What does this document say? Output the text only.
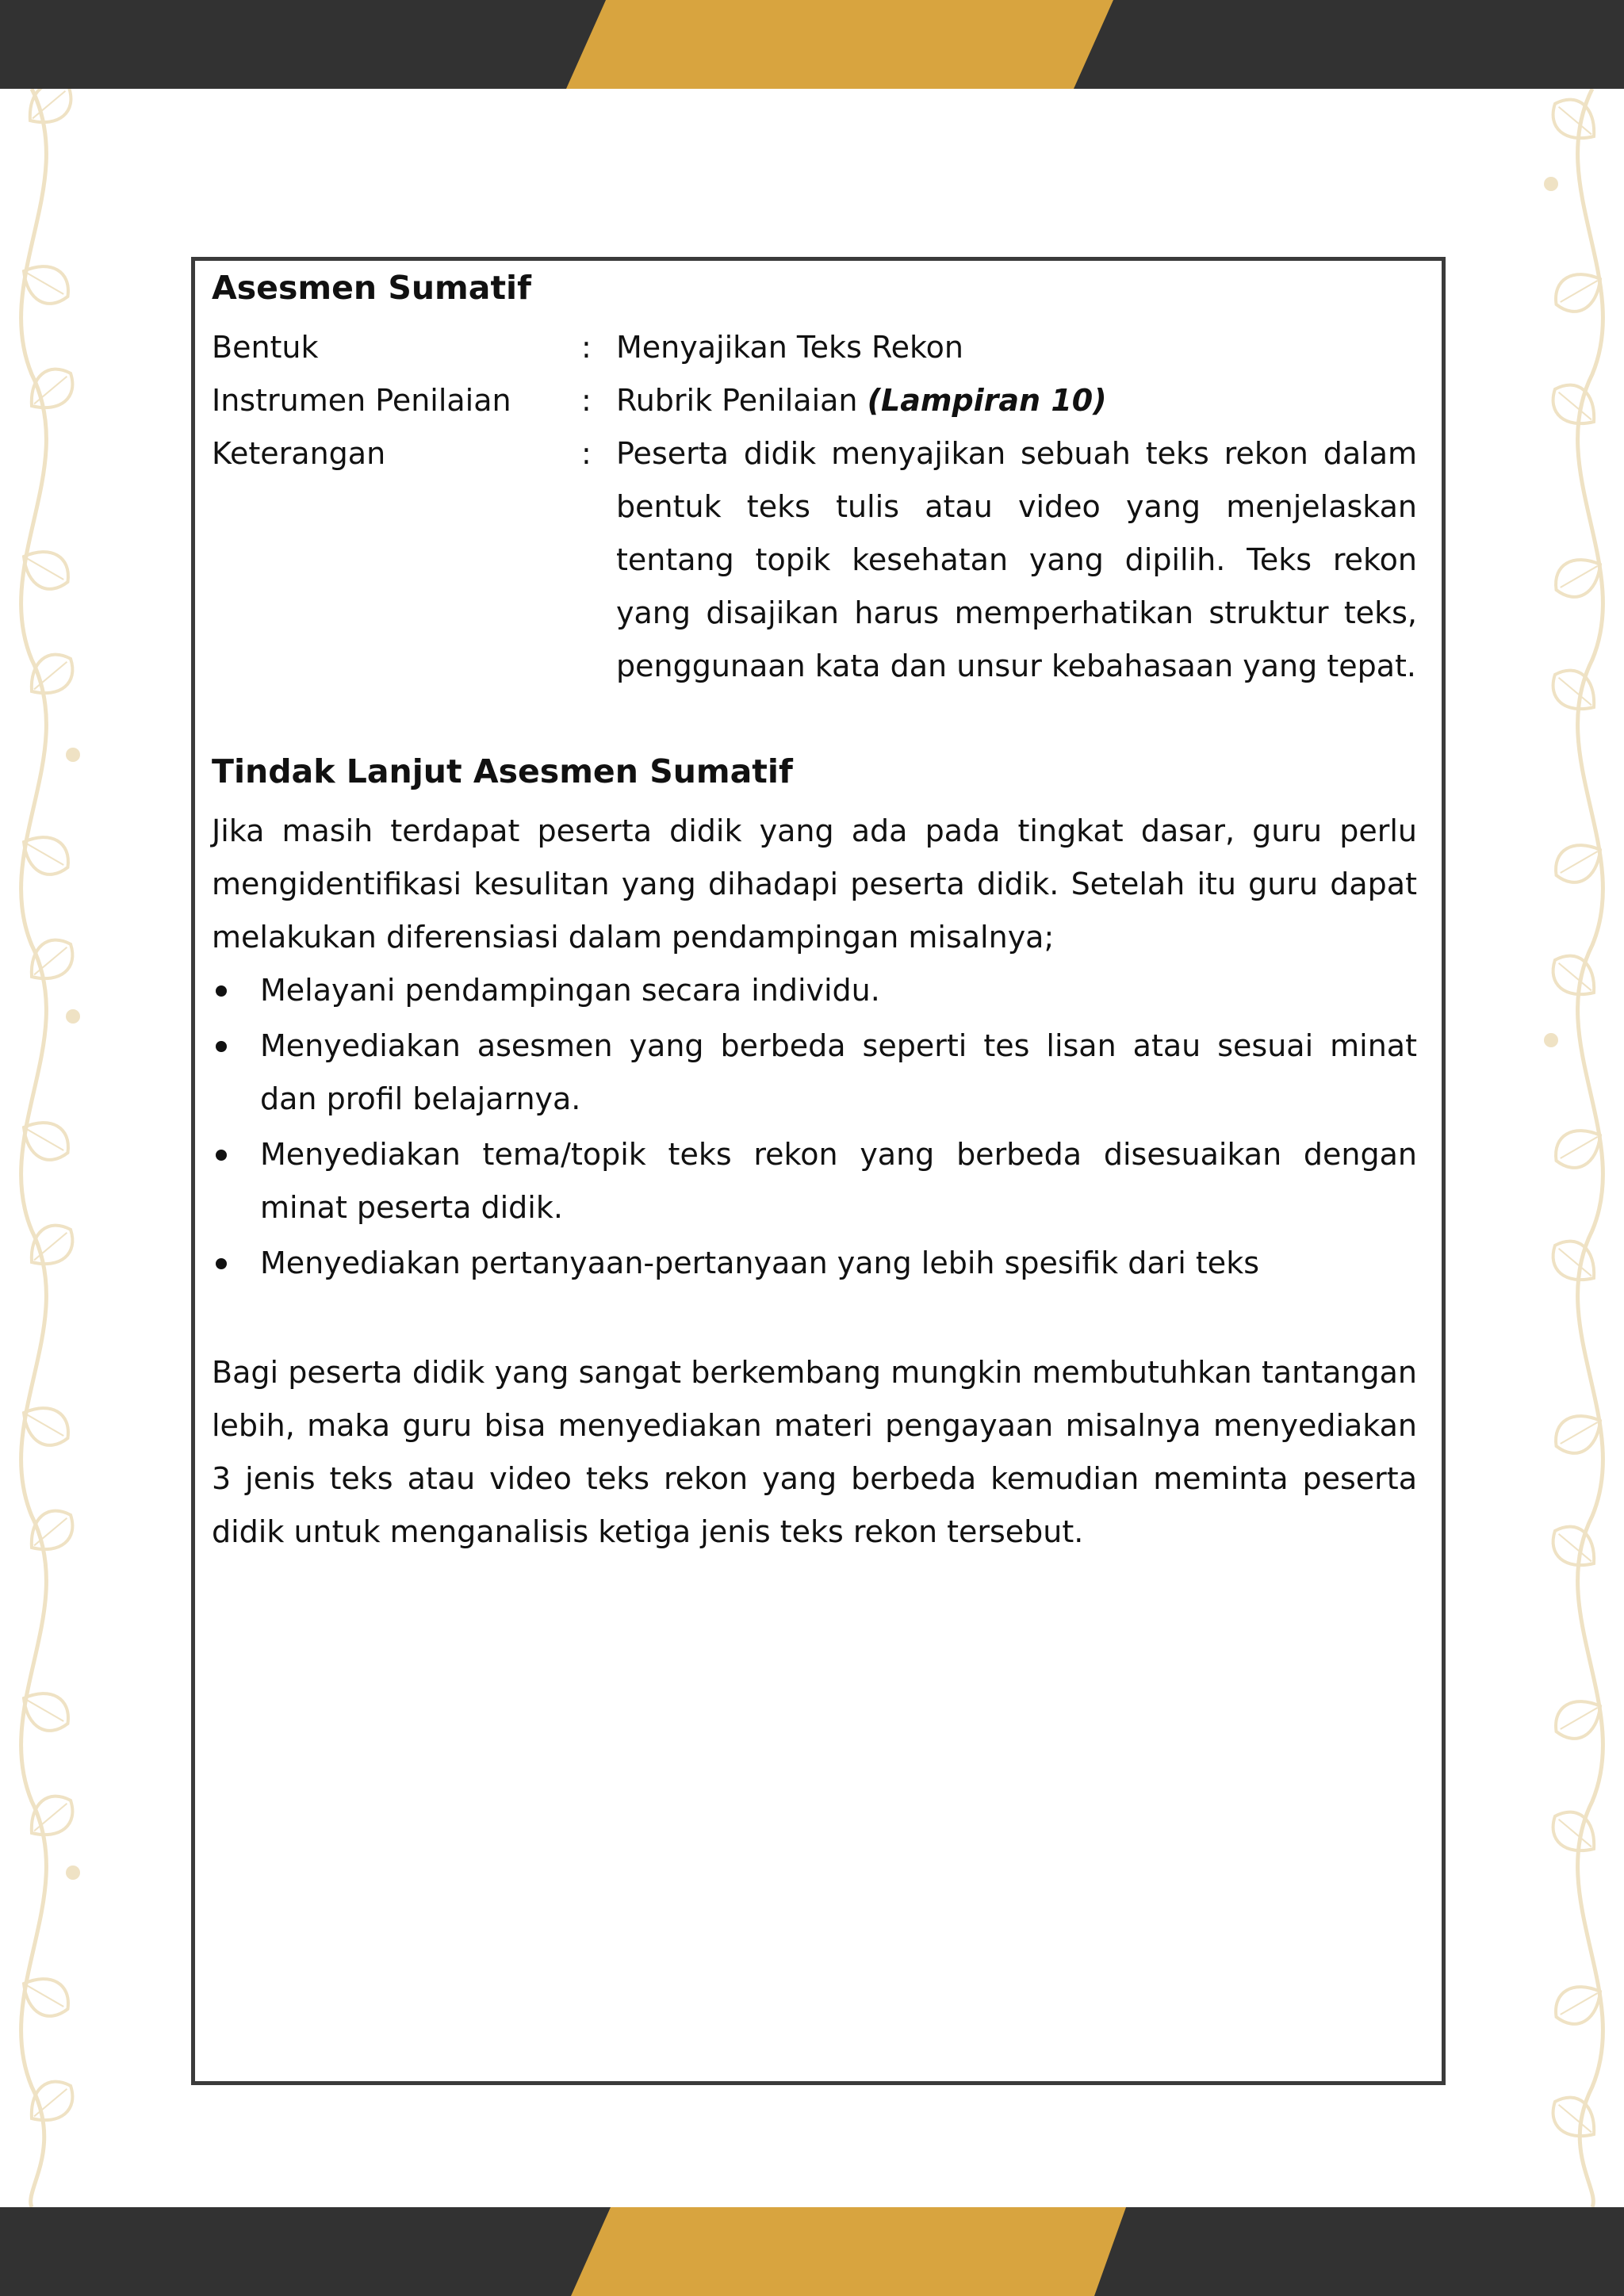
Asesmen Sumatif
Bentuk	: Menyajikan Teks Rekon
Instrumen Penilaian	: Rubrik Penilaian (Lampiran 10)
Keterangan	: Peserta didik menyajikan sebuah teks rekon dalam bentuk teks tulis atau video yang menjelaskan tentang topik kesehatan yang dipilih. Teks rekon yang disajikan harus memperhatikan struktur teks, penggunaan kata dan unsur kebahasaan yang tepat.
Tindak Lanjut Asesmen Sumatif

Jika masih terdapat peserta didik yang ada pada tingkat dasar, guru perlu mengidentifikasi kesulitan yang dihadapi peserta didik. Setelah itu guru dapat melakukan diferensiasi dalam pendampingan misalnya;

Melayani pendampingan secara individu.
Menyediakan asesmen yang berbeda seperti tes lisan atau sesuai minat dan profil belajarnya.
Menyediakan tema/topik teks rekon yang berbeda disesuaikan dengan minat peserta didik.
Menyediakan pertanyaan-pertanyaan yang lebih spesifik dari teks

Bagi peserta didik yang sangat berkembang mungkin membutuhkan tantangan lebih, maka guru bisa menyediakan materi pengayaan misalnya menyediakan 3 jenis teks atau video teks rekon yang berbeda kemudian meminta peserta didik untuk menganalisis ketiga jenis teks rekon tersebut.
